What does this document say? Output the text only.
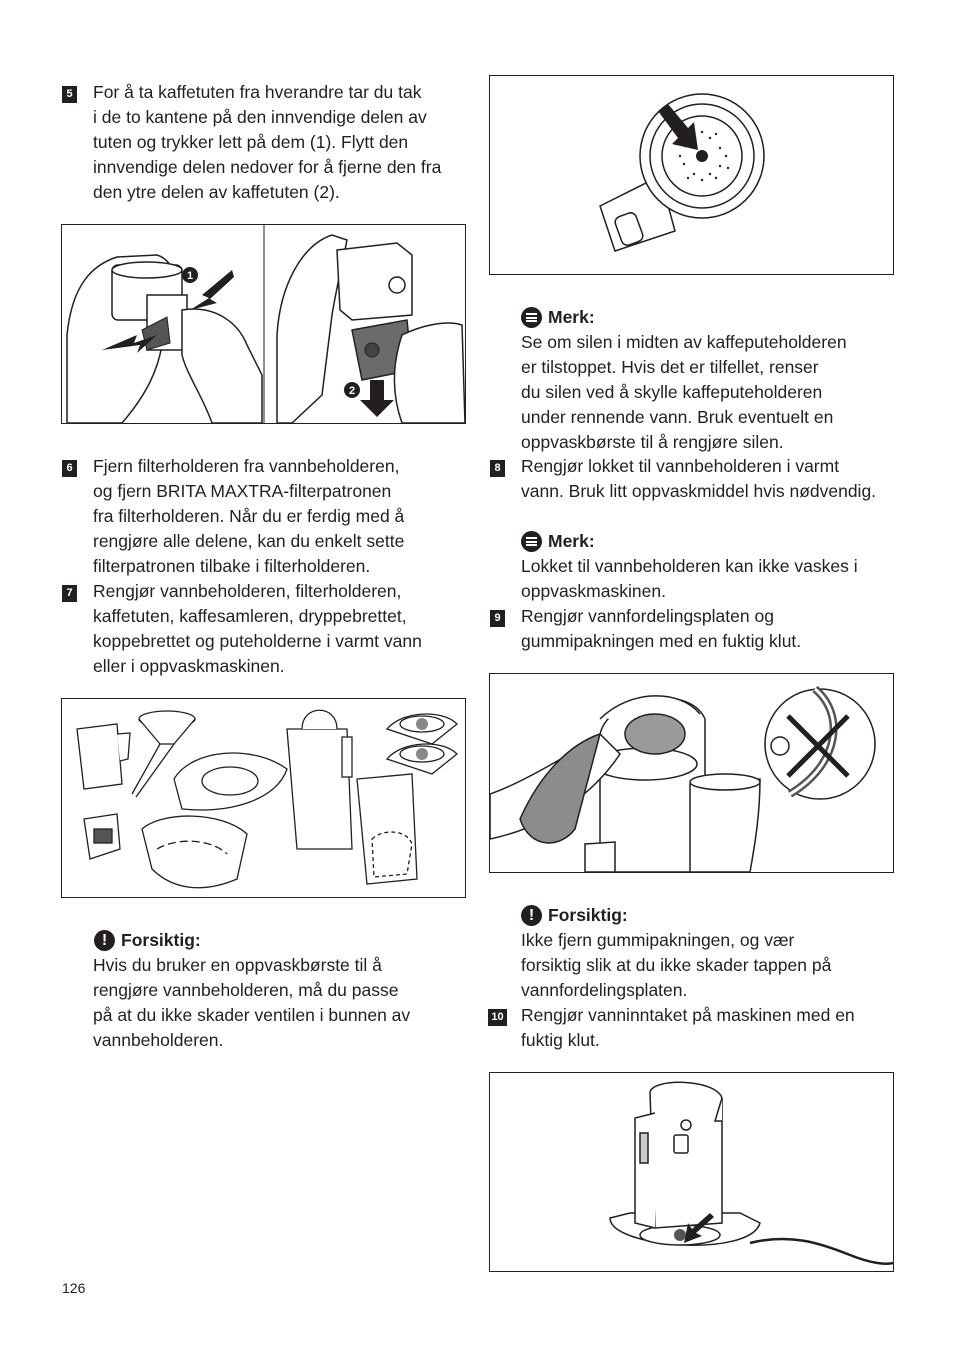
5 For å ta kaffetuten fra hverandre tar du tak
i de to kantene på den innvendige delen av
tuten og trykker lett på dem (1). Flytt den
innvendige delen nedover for å fjerne den fra
den ytre delen av kaffetuten (2).
1
2
6 Fjern filterholderen fra vannbeholderen,
og fjern BRITA MAXTRA-filterpatronen
fra filterholderen. Når du er ferdig med å
rengjøre alle delene, kan du enkelt sette
filterpatronen tilbake i filterholderen.
7 Rengjør vannbeholderen, filterholderen,
kaffetuten, kaffesamleren, dryppebrettet,
koppebrettet og puteholderne i varmt vann
eller i oppvaskmaskinen.
! Forsiktig:
Hvis du bruker en oppvaskbørste til å
rengjøre vannbeholderen, må du passe
på at du ikke skader ventilen i bunnen av
vannbeholderen.
Merk:
Se om silen i midten av kaffeputeholderen
er tilstoppet. Hvis det er tilfellet, renser
du silen ved å skylle kaffeputeholderen
under rennende vann. Bruk eventuelt en
oppvaskbørste til å rengjøre silen.
8 Rengjør lokket til vannbeholderen i varmt
vann. Bruk litt oppvaskmiddel hvis nødvendig.
Merk:
Lokket til vannbeholderen kan ikke vaskes i
oppvaskmaskinen.
9 Rengjør vannfordelingsplaten og
gummipakningen med en fuktig klut.
! Forsiktig:
Ikke fjern gummipakningen, og vær
forsiktig slik at du ikke skader tappen på
vannfordelingsplaten.
10 Rengjør vanninntaket på maskinen med en
fuktig klut.
126
